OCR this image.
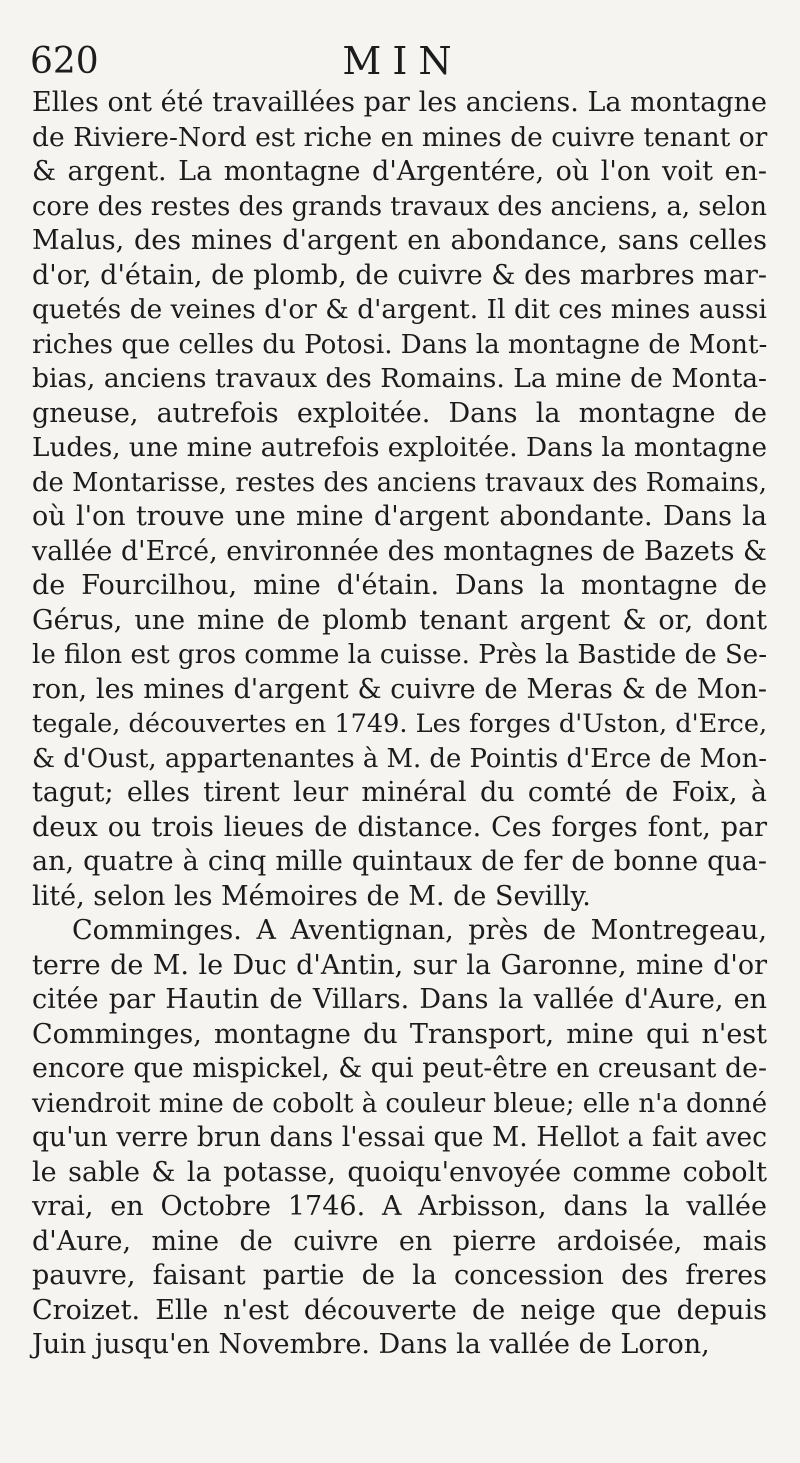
620	MIN
Elles ont été travaillées par les anciens. La montagne
de Riviere-Nord est riche en mines de cuivre tenant or
& argent. La montagne d'Argentére, où l'on voit en-
core des restes des grands travaux des anciens, a, selon
Malus, des mines d'argent en abondance, sans celles
d'or, d'étain, de plomb, de cuivre & des marbres mar-
quetés de veines d'or & d'argent. Il dit ces mines aussi
riches que celles du Potosi. Dans la montagne de Mont-
bias, anciens travaux des Romains. La mine de Monta-
gneuse, autrefois exploitée. Dans la montagne de
Ludes, une mine autrefois exploitée. Dans la montagne
de Montarisse, restes des anciens travaux des Romains,
où l'on trouve une mine d'argent abondante. Dans la
vallée d'Ercé, environnée des montagnes de Bazets &
de Fourcilhou, mine d'étain. Dans la montagne de
Gérus, une mine de plomb tenant argent & or, dont
le filon est gros comme la cuisse. Près la Bastide de Se-
ron, les mines d'argent & cuivre de Meras & de Mon-
tegale, découvertes en 1749. Les forges d'Uston, d'Erce,
& d'Oust, appartenantes à M. de Pointis d'Erce de Mon-
tagut; elles tirent leur minéral du comté de Foix, à
deux ou trois lieues de distance. Ces forges font, par
an, quatre à cinq mille quintaux de fer de bonne qua-
lité, selon les Mémoires de M. de Sevilly.
Comminges. A Aventignan, près de Montregeau,
terre de M. le Duc d'Antin, sur la Garonne, mine d'or
citée par Hautin de Villars. Dans la vallée d'Aure, en
Comminges, montagne du Transport, mine qui n'est
encore que mispickel, & qui peut-être en creusant de-
viendroit mine de cobolt à couleur bleue; elle n'a donné
qu'un verre brun dans l'essai que M. Hellot a fait avec
le sable & la potasse, quoiqu'envoyée comme cobolt
vrai, en Octobre 1746. A Arbisson, dans la vallée
d'Aure, mine de cuivre en pierre ardoisée, mais
pauvre, faisant partie de la concession des freres
Croizet. Elle n'est découverte de neige que depuis
Juin jusqu'en Novembre. Dans la vallée de Loron,
